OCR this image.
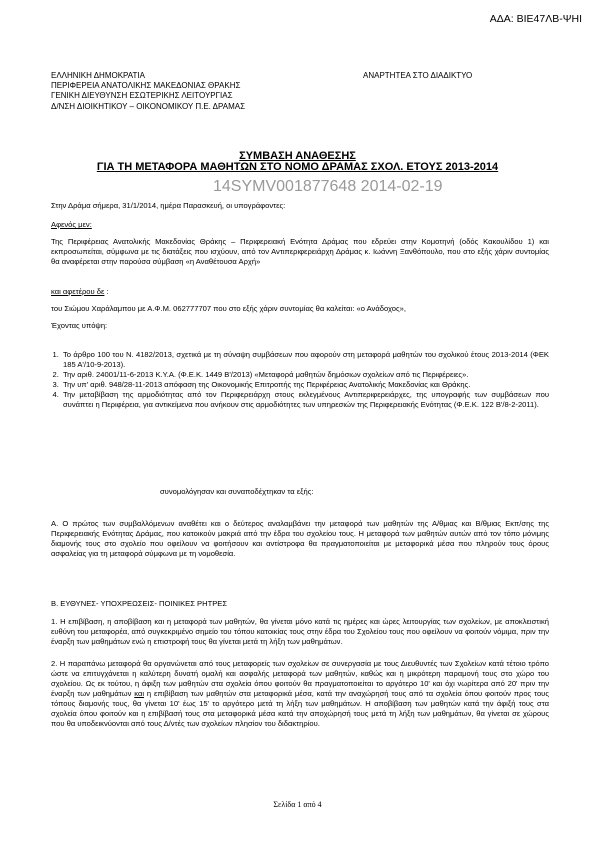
ΑΔΑ: ΒΙΕ47ΛΒ-ΨΗΙ
ΕΛΛΗΝΙΚΗ ΔΗΜΟΚΡΑΤΙΑ
ΠΕΡΙΦΕΡΕΙΑ ΑΝΑΤΟΛΙΚΗΣ ΜΑΚΕΔΟΝΙΑΣ ΘΡΑΚΗΣ
ΓΕΝΙΚΗ ΔΙΕΥΘΥΝΣΗ ΕΣΩΤΕΡΙΚΗΣ ΛΕΙΤΟΥΡΓΙΑΣ
Δ/ΝΣΗ ΔΙΟΙΚΗΤΙΚΟΥ – ΟΙΚΟΝΟΜΙΚΟΥ Π.Ε. ΔΡΑΜΑΣ
ΑΝΑΡΤΗΤΕΑ ΣΤΟ ΔΙΑΔΙΚΤΥΟ
ΣΥΜΒΑΣΗ ΑΝΑΘΕΣΗΣ
ΓΙΑ ΤΗ ΜΕΤΑΦΟΡΑ ΜΑΘΗΤΩΝ ΣΤΟ ΝΟΜΟ ΔΡΑΜΑΣ ΣΧΟΛ. ΕΤΟΥΣ 2013-2014
14SYMV001877648 2014-02-19
Στην Δράμα σήμερα, 31/1/2014, ημέρα Παρασκευή, οι υπογράφοντες:
Αφενός μεν:
Της Περιφέρειας Ανατολικής Μακεδονίας Θράκης – Περιφερειακή Ενότητα Δράμας που εδρεύει στην Κομοτηνή (οδός Κακουλίδου 1) και εκπροσωπείται, σύμφωνα με τις διατάξεις που ισχύουν, από τον Αντιπεριφερειάρχη Δράμας κ. Ιωάννη Ξανθόπουλο, που στο εξής χάριν συντομίας θα αναφέρεται στην παρούσα σύμβαση «η Αναθέτουσα Αρχή»
και αφετέρου δε :
του Σιώμου Χαράλαμπου με Α.Φ.Μ. 062777707 που στο εξής χάριν συντομίας θα καλείται: «ο Ανάδοχος»,
Έχοντας υπόψη:
1. Το άρθρο 100 του Ν. 4182/2013, σχετικά με τη σύναψη συμβάσεων που αφορούν στη μεταφορά μαθητών του σχολικού έτους 2013-2014 (ΦΕΚ 185 Α'/10-9-2013).
2. Την αριθ. 24001/11-6-2013 Κ.Υ.Α. (Φ.Ε.Κ. 1449 Β'/2013) «Μεταφορά μαθητών δημόσιων σχολείων από τις Περιφέρειες».
3. Την υπ' αριθ. 948/28-11-2013 απόφαση της Οικονομικής Επιτροπής της Περιφέρειας Ανατολικής Μακεδονίας και Θράκης.
4. Την μεταβίβαση της αρμοδιότητας από τον Περιφερειάρχη στους εκλεγμένους Αντιπεριφερειάρχες, της υπογραφής των συμβάσεων που συνάπτει η Περιφέρεια, για αντικείμενα που ανήκουν στις αρμοδιότητες των υπηρεσιών της Περιφερειακής Ενότητας (Φ.Ε.Κ. 122 Β'/8-2-2011).
συνομολόγησαν και συναποδέχτηκαν τα εξής:
Α. Ο πρώτος των συμβαλλόμενων αναθέτει και ο δεύτερος αναλαμβάνει την μεταφορά των μαθητών της Α/θμιας και Β/θμιας Εκπ/σης της Περιφερειακής Ενότητας Δράμας, που κατοικούν μακριά από την έδρα του σχολείου τους. Η μεταφορά των μαθητών αυτών από τον τόπο μόνιμης διαμονής τους στο σχολείο που οφείλουν να φοιτήσουν και αντίστροφα θα πραγματοποιείται με μεταφορικά μέσα που πληρούν τους όρους ασφαλείας για τη μεταφορά σύμφωνα με τη νομοθεσία.
Β. ΕΥΘΥΝΕΣ- ΥΠΟΧΡΕΩΣΕΙΣ- ΠΟΙΝΙΚΕΣ ΡΗΤΡΕΣ
1. Η επιβίβαση, η αποβίβαση και η μεταφορά των μαθητών, θα γίνεται μόνο κατά τις ημέρες και ώρες λειτουργίας των σχολείων, με αποκλειστική ευθύνη του μεταφορέα, από συγκεκριμένο σημείο του τόπου κατοικίας τους στην έδρα του Σχολείου τους που οφείλουν να φοιτούν νόμιμα, πριν την έναρξη των μαθημάτων ενώ η επιστροφή τους θα γίνεται μετά τη λήξη των μαθημάτων.
2. Η παραπάνω μεταφορά θα οργανώνεται από τους μεταφορείς των σχολείων σε συνεργασία με τους Διευθυντές των Σχολείων κατά τέτοιο τρόπο ώστε να επιτυγχάνεται η καλύτερη δυνατή ομαλή και ασφαλής μεταφορά των μαθητών, καθώς και η μικρότερη παραμονή τους στο χώρο του σχολείου. Ως εκ τούτου, η άφιξη των μαθητών στα σχολεία όπου φοιτούν θα πραγματοποιείται το αργότερο 10' και όχι νωρίτερα από 20' πριν την έναρξη των μαθημάτων και η επιβίβαση των μαθητών στα μεταφορικά μέσα, κατά την αναχώρησή τους από τα σχολεία όπου φοιτούν προς τους τόπους διαμονής τους, θα γίνεται 10' έως 15' το αργότερο μετά τη λήξη των μαθημάτων. Η αποβίβαση των μαθητών κατά την άφιξή τους στα σχολεία όπου φοιτούν και η επιβίβασή τους στα μεταφορικά μέσα κατά την αποχώρησή τους μετά τη λήξη των μαθημάτων, θα γίνεται σε χώρους που θα υποδεικνύονται από τους Δ/ντές των σχολείων πλησίον του διδακτηρίου.
Σελίδα 1 από 4
